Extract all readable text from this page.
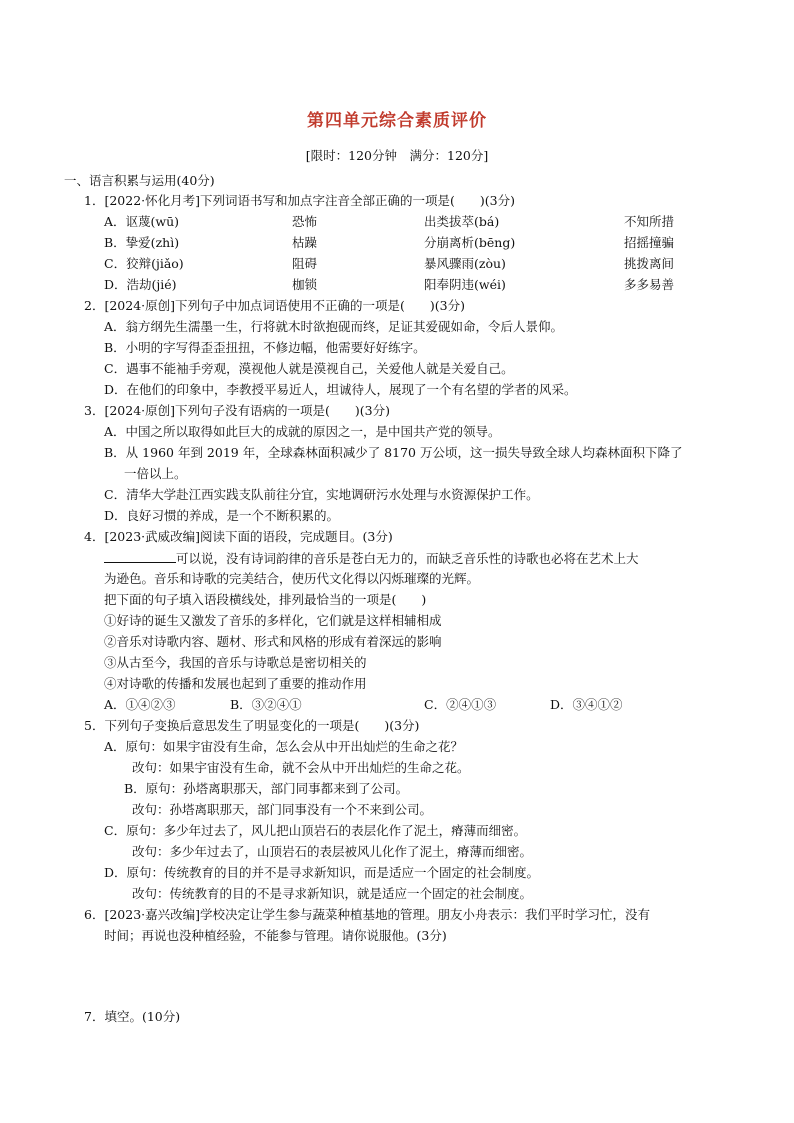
第四单元综合素质评价
[限时：120分钟　满分：120分]
一、语言积累与运用(40分)
1．[2022·怀化月考]下列词语书写和加点字注音全部正确的一项是(　　)(3分)
A．讴蔑(wū)	恐怖	出类拔萃(bá)	不知所措
B．挚爱(zhì)	枯躁	分崩离析(bēng)	招摇撞骗
C．狡辩(jiǎo)	阻碍	暴风骤雨(zòu)	挑拨离间
D．浩劫(jié)	枷锁	阳奉阴违(wéi)	多多易善
2．[2024·原创]下列句子中加点词语使用不正确的一项是(　　)(3分)
A．翁方纲先生濡墨一生，行将就木时欲抱砚而终，足证其爱砚如命，令后人景仰。
B．小明的字写得歪歪扭扭，不修边幅，他需要好好练字。
C．遇事不能袖手旁观，漠视他人就是漠视自己，关爱他人就是关爱自己。
D．在他们的印象中，李教授平易近人，坦诚待人，展现了一个有名望的学者的风采。
3．[2024·原创]下列句子没有语病的一项是(　　)(3分)
A．中国之所以取得如此巨大的成就的原因之一，是中国共产党的领导。
B．从 1960 年到 2019 年，全球森林面积减少了 8170 万公顷，这一损失导致全球人均森林面积下降了
一倍以上。
C．清华大学赴江西实践支队前往分宜，实地调研污水处理与水资源保护工作。
D．良好习惯的养成，是一个不断积累的。
4．[2023·武威改编]阅读下面的语段，完成题目。(3分)
可以说，没有诗词韵律的音乐是苍白无力的，而缺乏音乐性的诗歌也必将在艺术上大
为逊色。音乐和诗歌的完美结合，使历代文化得以闪烁璀璨的光辉。
把下面的句子填入语段横线处，排列最恰当的一项是(　　)
①好诗的诞生又激发了音乐的多样化，它们就是这样相辅相成
②音乐对诗歌内容、题材、形式和风格的形成有着深远的影响
③从古至今，我国的音乐与诗歌总是密切相关的
④对诗歌的传播和发展也起到了重要的推动作用
A．①④②③	B．③②④①	C．②④①③	D．③④①②
5．下列句子变换后意思发生了明显变化的一项是(　　)(3分)
A．原句：如果宇宙没有生命，怎么会从中开出灿烂的生命之花？
改句：如果宇宙没有生命，就不会从中开出灿烂的生命之花。
B．原句：孙塔离职那天，部门同事都来到了公司。
改句：孙塔离职那天，部门同事没有一个不来到公司。
C．原句：多少年过去了，风儿把山顶岩石的表层化作了泥土，瘠薄而细密。
改句：多少年过去了，山顶岩石的表层被风儿化作了泥土，瘠薄而细密。
D．原句：传统教育的目的并不是寻求新知识，而是适应一个固定的社会制度。
改句：传统教育的目的不是寻求新知识，就是适应一个固定的社会制度。
6．[2023·嘉兴改编]学校决定让学生参与蔬菜种植基地的管理。朋友小舟表示：我们平时学习忙，没有
时间；再说也没种植经验，不能参与管理。请你说服他。(3分)
7．填空。(10分)
